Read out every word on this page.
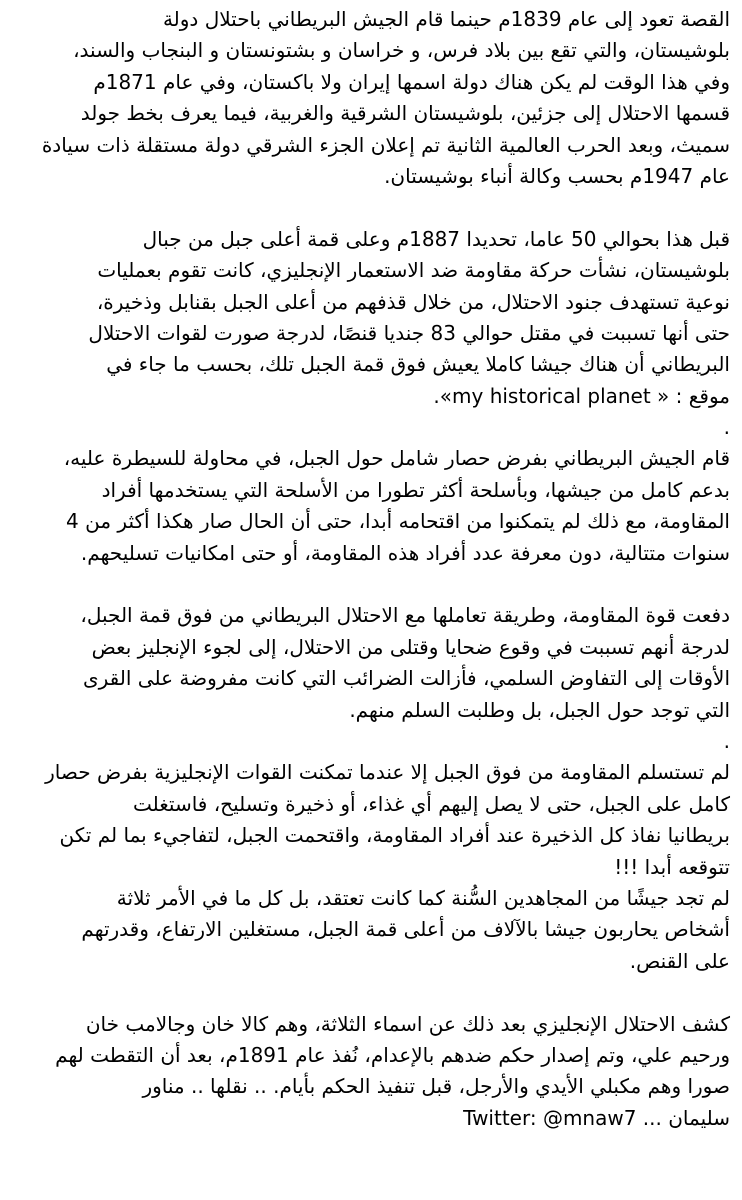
القصة تعود إلى عام 1839م حينما قام الجيش البريطاني باحتلال دولة
بلوشيستان، والتي تقع بين بلاد فرس، و خراسان و بشتونستان و البنجاب والسند،
وفي هذا الوقت لم يكن هناك دولة اسمها إيران ولا باكستان، وفي عام 1871م
قسمها الاحتلال إلى جزئين، بلوشيستان الشرقية والغربية، فيما يعرف بخط جولد
سميث، وبعد الحرب العالمية الثانية تم إعلان الجزء الشرقي دولة مستقلة ذات سيادة
عام 1947م بحسب وكالة أنباء بوشيستان.

قبل هذا بحوالي 50 عاما، تحديدا 1887م وعلى قمة أعلى جبل من جبال
بلوشيستان، نشأت حركة مقاومة ضد الاستعمار الإنجليزي، كانت تقوم بعمليات
نوعية تستهدف جنود الاحتلال، من خلال قذفهم من أعلى الجبل بقنابل وذخيرة،
حتى أنها تسببت في مقتل حوالي 83 جنديا قنصًا، لدرجة صورت لقوات الاحتلال
البريطاني أن هناك جيشا كاملا يعيش فوق قمة الجبل تلك، بحسب ما جاء في
موقع : « my historical planet».

.

قام الجيش البريطاني بفرض حصار شامل حول الجبل، في محاولة للسيطرة عليه،
بدعم كامل من جيشها، وبأسلحة أكثر تطورا من الأسلحة التي يستخدمها أفراد
المقاومة، مع ذلك لم يتمكنوا من اقتحامه أبدا، حتى أن الحال صار هكذا أكثر من 4
سنوات متتالية، دون معرفة عدد أفراد هذه المقاومة، أو حتى امكانيات تسليحهم.

دفعت قوة المقاومة، وطريقة تعاملها مع الاحتلال البريطاني من فوق قمة الجبل،
لدرجة أنهم تسببت في وقوع ضحايا وقتلى من الاحتلال، إلى لجوء الإنجليز بعض
الأوقات إلى التفاوض السلمي، فأزالت الضرائب التي كانت مفروضة على القرى
التي توجد حول الجبل، بل وطلبت السلم منهم.

.

لم تستسلم المقاومة من فوق الجبل إلا عندما تمكنت القوات الإنجليزية بفرض حصار
كامل على الجبل، حتى لا يصل إليهم أي غذاء، أو ذخيرة وتسليح، فاستغلت
بريطانيا نفاذ كل الذخيرة عند أفراد المقاومة، واقتحمت الجبل، لتفاجيء بما لم تكن
تتوقعه أبدا !!!
لم تجد جيشًا من المجاهدين السُّنة كما كانت تعتقد، بل كل ما في الأمر ثلاثة
أشخاص يحاربون جيشا بالآلاف من أعلى قمة الجبل، مستغلين الارتفاع، وقدرتهم
على القنص.

كشف الاحتلال الإنجليزي بعد ذلك عن اسماء الثلاثة، وهم كالا خان وجالامب خان
ورحيم علي، وتم إصدار حكم ضدهم بالإعدام، نُفذ عام 1891م، بعد أن التقطت لهم
صورا وهم مكبلي الأيدي والأرجل، قبل تنفيذ الحكم بأيام. .. نقلها .. مناور
سليمان ... Twitter: @mnaw7
